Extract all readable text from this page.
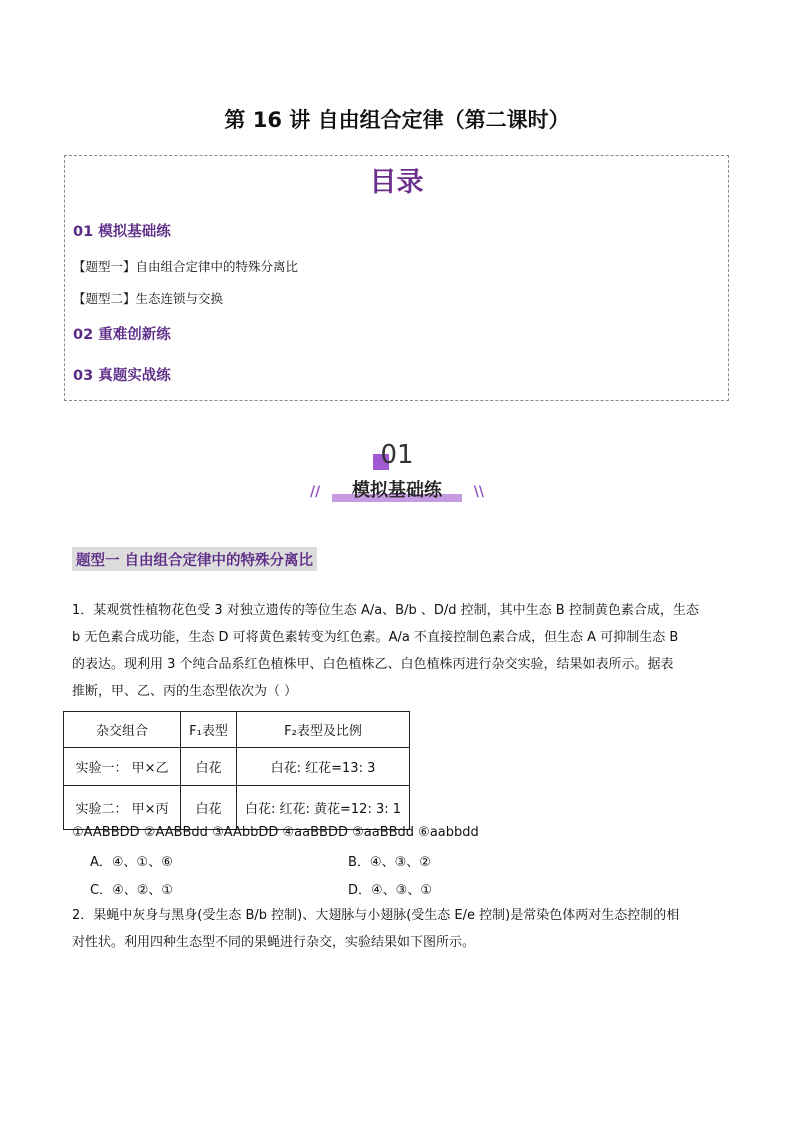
第 16 讲 自由组合定律（第二课时）
目录
01 模拟基础练
【题型一】自由组合定律中的特殊分离比
【题型二】生态连锁与交换
02 重难创新练
03 真题实战练
01
//	模拟基础练	\\
题型一 自由组合定律中的特殊分离比
1．某观赏性植物花色受 3 对独立遗传的等位生态 A/a、B/b 、D/d 控制，其中生态 B 控制黄色素合成，生态
b 无色素合成功能，生态 D 可将黄色素转变为红色素。A/a 不直接控制色素合成，但生态 A 可抑制生态 B
的表达。现利用 3 个纯合品系红色植株甲、白色植株乙、白色植株丙进行杂交实验，结果如表所示。据表
推断，甲、乙、丙的生态型依次为（ ）
杂交组合	F₁表型	F₂表型及比例
实验一： 甲×乙	白花	白花: 红花=13: 3
实验二： 甲×丙	白花	白花: 红花: 黄花=12: 3: 1
①AABBDD ②AABBdd ③AAbbDD ④aaBBDD ⑤aaBBdd ⑥aabbdd
A．④、①、⑥	B．④、③、②
C．④、②、①	D．④、③、①
2．果蝇中灰身与黑身(受生态 B/b 控制)、大翅脉与小翅脉(受生态 E/e 控制)是常染色体两对生态控制的相
对性状。利用四种生态型不同的果蝇进行杂交，实验结果如下图所示。
